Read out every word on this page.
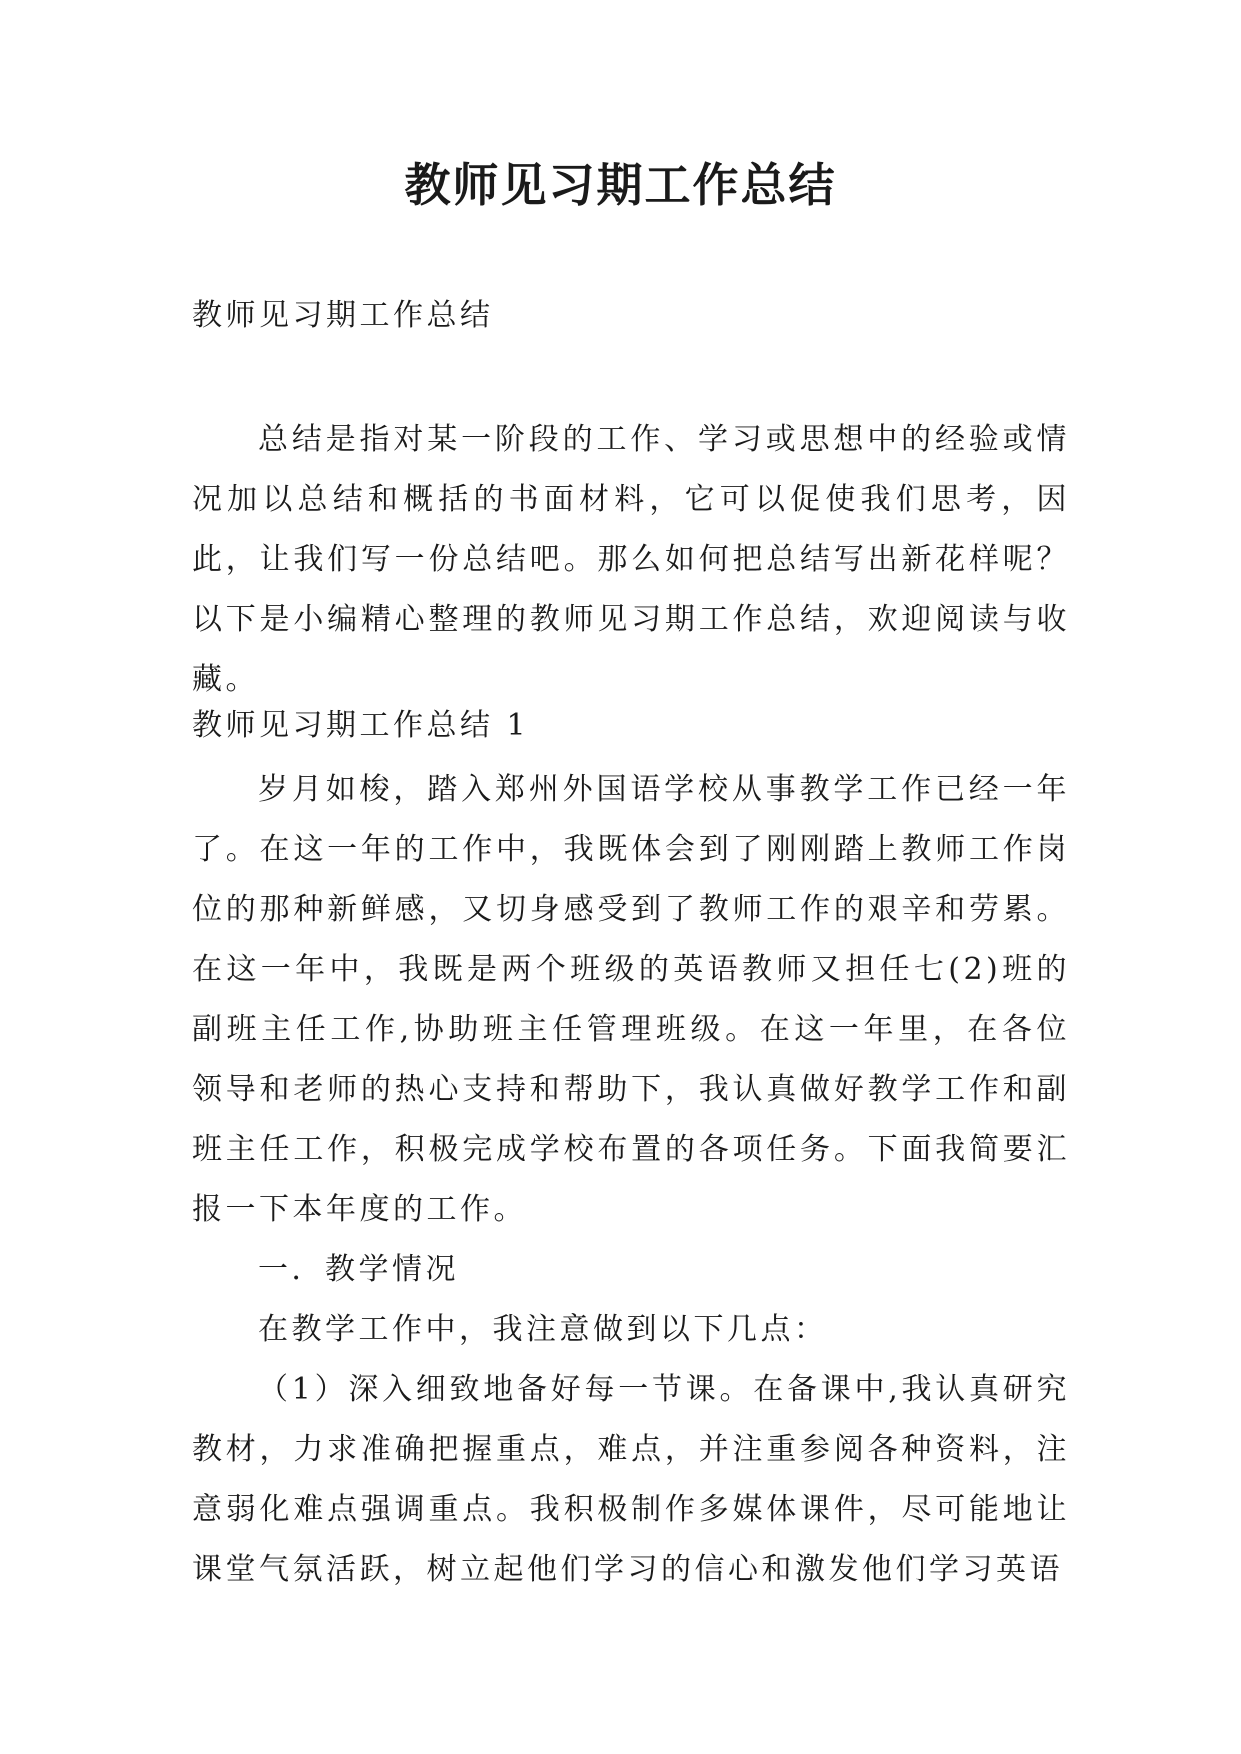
教师见习期工作总结

教师见习期工作总结

总结是指对某一阶段的工作、学习或思想中的经验或情况加以总结和概括的书面材料，它可以促使我们思考，因此，让我们写一份总结吧。那么如何把总结写出新花样呢？以下是小编精心整理的教师见习期工作总结，欢迎阅读与收藏。

教师见习期工作总结 1

岁月如梭，踏入郑州外国语学校从事教学工作已经一年了。在这一年的工作中，我既体会到了刚刚踏上教师工作岗位的那种新鲜感，又切身感受到了教师工作的艰辛和劳累。在这一年中，我既是两个班级的英语教师又担任七(2)班的副班主任工作,协助班主任管理班级。在这一年里，在各位领导和老师的热心支持和帮助下，我认真做好教学工作和副班主任工作，积极完成学校布置的各项任务。下面我简要汇报一下本年度的工作。

一．教学情况

在教学工作中，我注意做到以下几点：

（1）深入细致地备好每一节课。在备课中,我认真研究教材，力求准确把握重点，难点，并注重参阅各种资料，注意弱化难点强调重点。我积极制作多媒体课件，尽可能地让课堂气氛活跃，树立起他们学习的信心和激发他们学习英语
